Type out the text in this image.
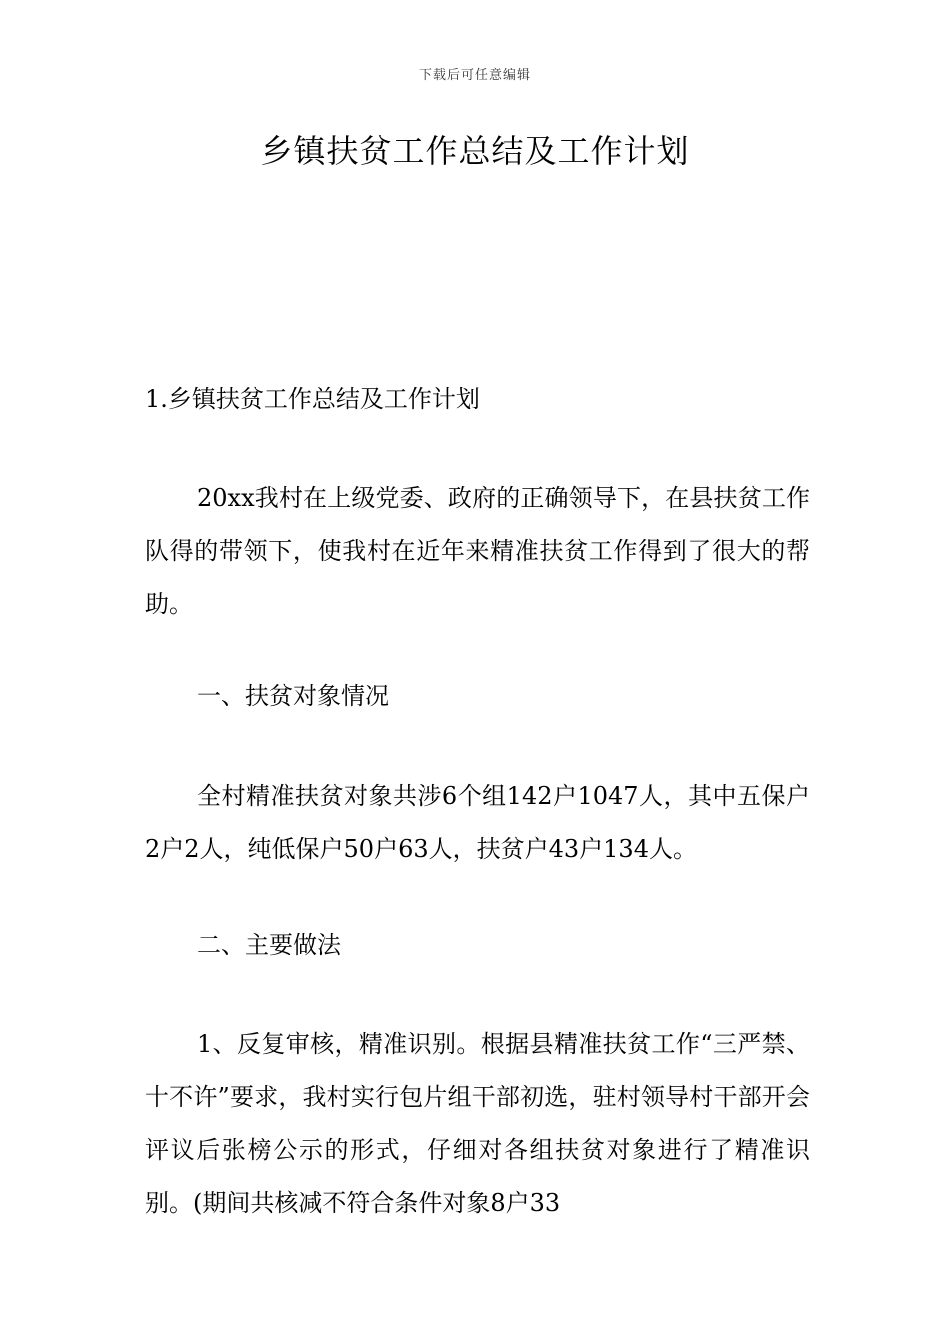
下载后可任意编辑
乡镇扶贫工作总结及工作计划

1.乡镇扶贫工作总结及工作计划

20xx我村在上级党委、政府的正确领导下，在县扶贫工作队得的带领下，使我村在近年来精准扶贫工作得到了很大的帮助。

一、扶贫对象情况

全村精准扶贫对象共涉6个组142户1047人，其中五保户2户2人，纯低保户50户63人，扶贫户43户134人。

二、主要做法

1、反复审核，精准识别。根据县精准扶贫工作“三严禁、十不许”要求，我村实行包片组干部初选，驻村领导村干部开会评议后张榜公示的形式，仔细对各组扶贫对象进行了精准识别。(期间共核减不符合条件对象8户33
